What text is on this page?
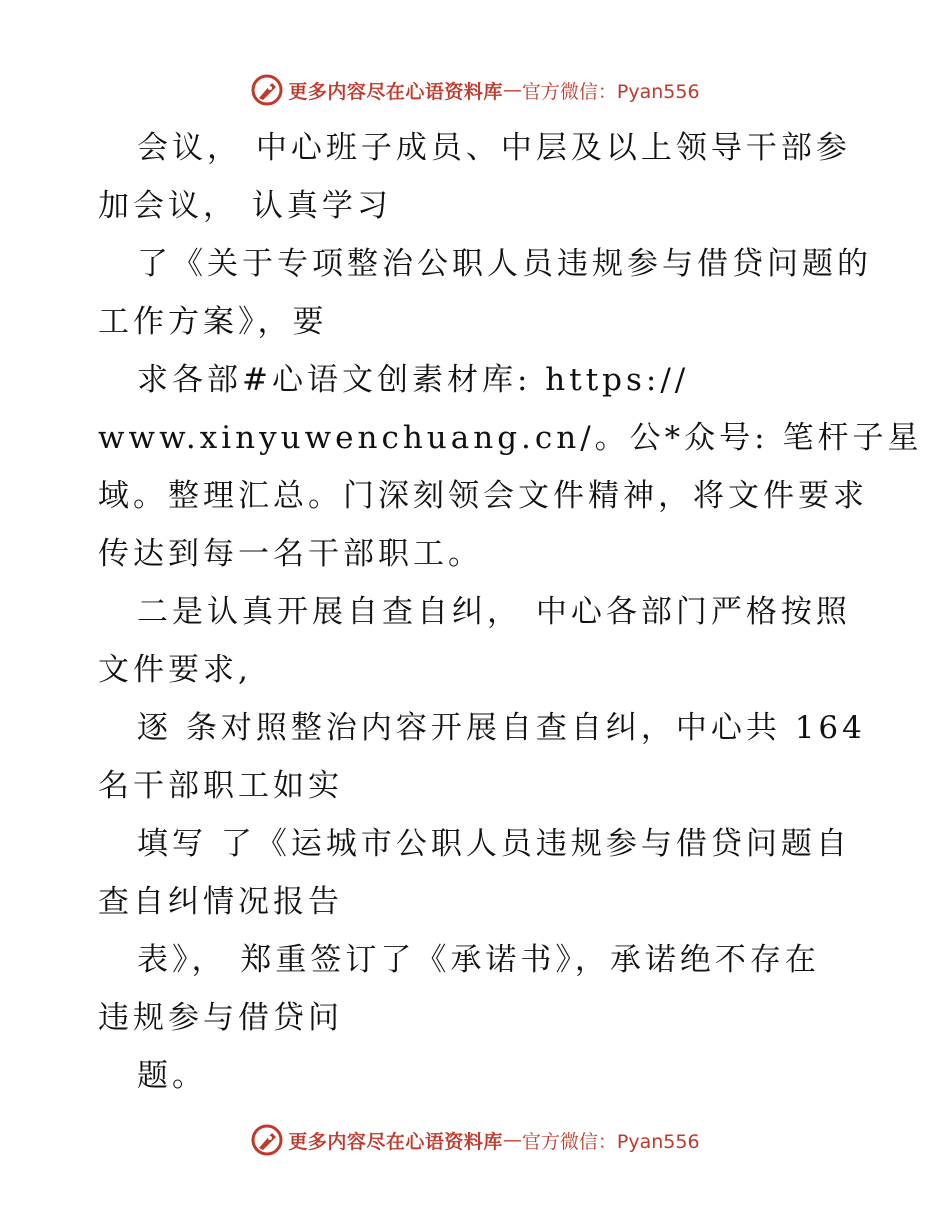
更多内容尽在心语资料库 — 官方微信：Pyan556
会议， 中心班子成员、中层及以上领导干部参
加会议， 认真学习
了《关于专项整治公职人员违规参与借贷问题的
工作方案》，要
求各部#心语文创素材库: https://
www.xinyuwenchuang.cn/。公*众号: 笔杆子星
域。整理汇总。门深刻领会文件精神，将文件要求
传达到每一名干部职工。
二是认真开展自查自纠， 中心各部门严格按照
文件要求,
逐 条对照整治内容开展自查自纠，中心共 164
名干部职工如实
填写 了《运城市公职人员违规参与借贷问题自
查自纠情况报告
表》， 郑重签订了《承诺书》，承诺绝不存在
违规参与借贷问
题。
更多内容尽在心语资料库 — 官方微信：Pyan556
